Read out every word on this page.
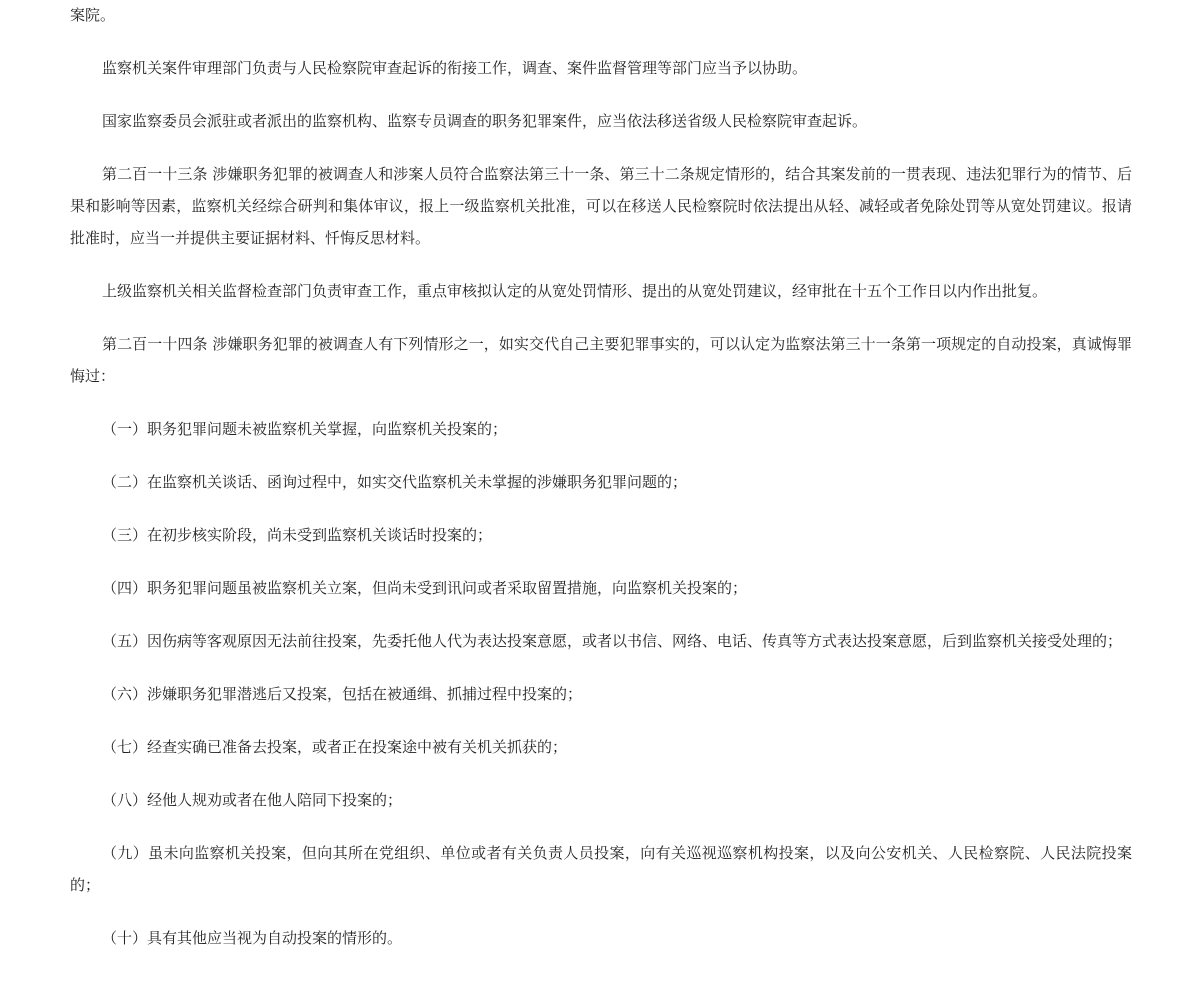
案院。

监察机关案件审理部门负责与人民检察院审查起诉的衔接工作，调查、案件监督管理等部门应当予以协助。

国家监察委员会派驻或者派出的监察机构、监察专员调查的职务犯罪案件，应当依法移送省级人民检察院审查起诉。

第二百一十三条 涉嫌职务犯罪的被调查人和涉案人员符合监察法第三十一条、第三十二条规定情形的，结合其案发前的一贯表现、违法犯罪行为的情节、后果和影响等因素，监察机关经综合研判和集体审议，报上一级监察机关批准，可以在移送人民检察院时依法提出从轻、减轻或者免除处罚等从宽处罚建议。报请批准时，应当一并提供主要证据材料、忏悔反思材料。

上级监察机关相关监督检查部门负责审查工作，重点审核拟认定的从宽处罚情形、提出的从宽处罚建议，经审批在十五个工作日以内作出批复。

第二百一十四条 涉嫌职务犯罪的被调查人有下列情形之一，如实交代自己主要犯罪事实的，可以认定为监察法第三十一条第一项规定的自动投案，真诚悔罪悔过：

（一）职务犯罪问题未被监察机关掌握，向监察机关投案的；

（二）在监察机关谈话、函询过程中，如实交代监察机关未掌握的涉嫌职务犯罪问题的；

（三）在初步核实阶段，尚未受到监察机关谈话时投案的；

（四）职务犯罪问题虽被监察机关立案，但尚未受到讯问或者采取留置措施，向监察机关投案的；

（五）因伤病等客观原因无法前往投案，先委托他人代为表达投案意愿，或者以书信、网络、电话、传真等方式表达投案意愿，后到监察机关接受处理的；

（六）涉嫌职务犯罪潜逃后又投案，包括在被通缉、抓捕过程中投案的；

（七）经查实确已准备去投案，或者正在投案途中被有关机关抓获的；

（八）经他人规劝或者在他人陪同下投案的；

（九）虽未向监察机关投案，但向其所在党组织、单位或者有关负责人员投案，向有关巡视巡察机构投案，以及向公安机关、人民检察院、人民法院投案的；

（十）具有其他应当视为自动投案的情形的。
